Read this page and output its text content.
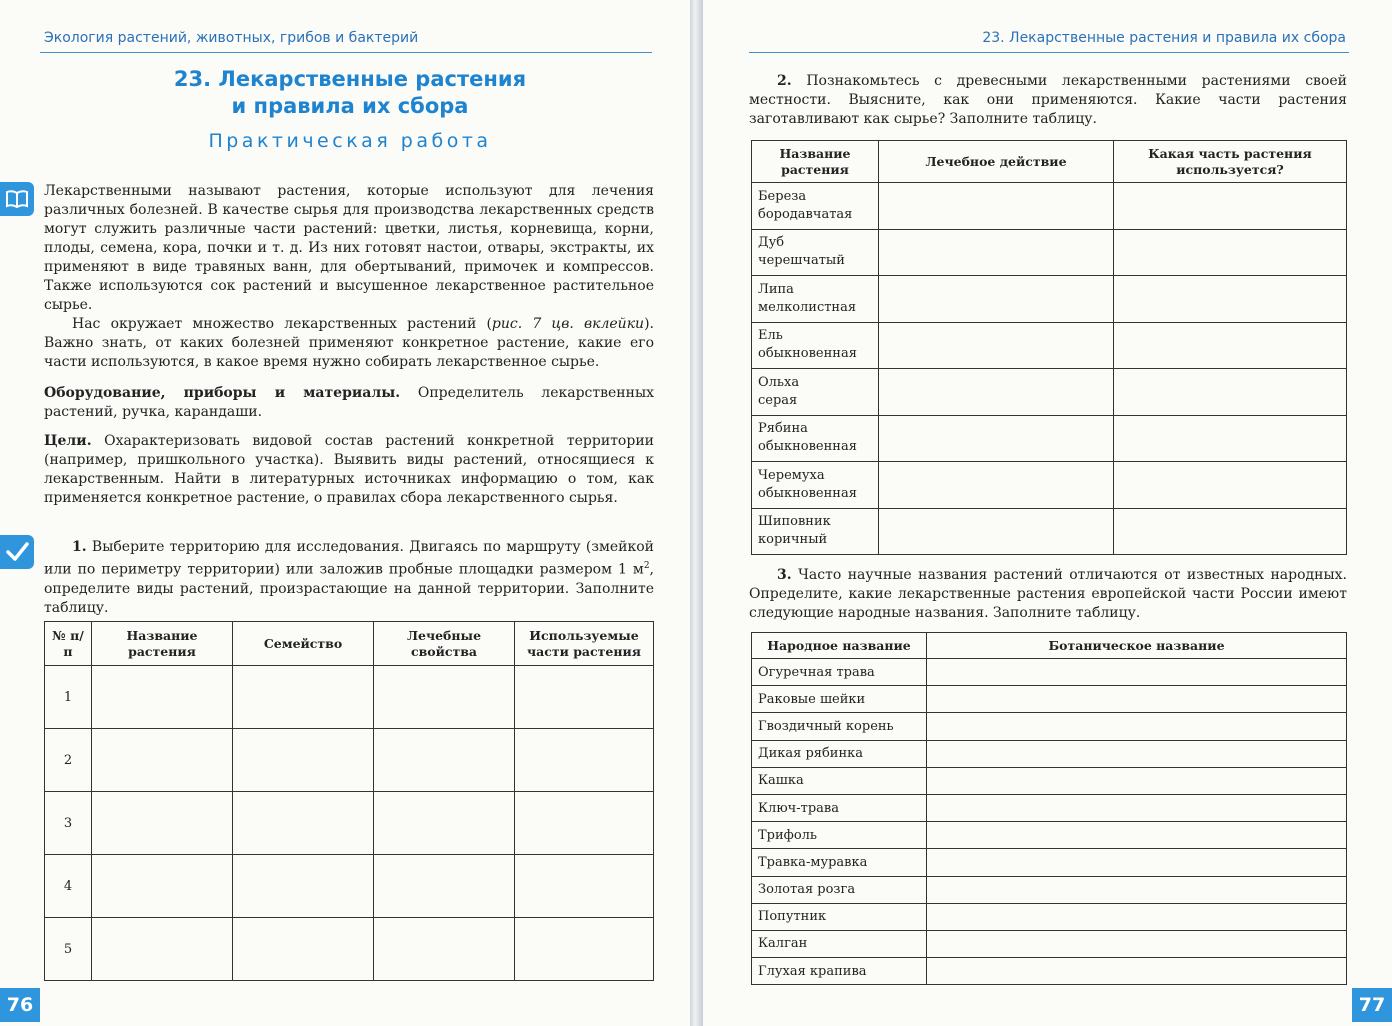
Экология растений, животных, грибов и бактерий
23. Лекарственные растения
и правила их сбора
Практическая работа

Лекарственными называют растения, которые используют для лечения различных болезней. В качестве сырья для производства лекарственных средств могут служить различные части растений: цветки, листья, корневища, корни, плоды, семена, кора, почки и т. д. Из них готовят настои, отвары, экстракты, их применяют в виде травяных ванн, для обертываний, примочек и компрессов. Также используются сок растений и высушенное лекарственное растительное сырье.

Нас окружает множество лекарственных растений (рис. 7 цв. вклейки). Важно знать, от каких болезней применяют конкретное растение, какие его части используются, в какое время нужно собирать лекарственное сырье.

Оборудование, приборы и материалы. Определитель лекарственных растений, ручка, карандаши.

Цели. Охарактеризовать видовой состав растений конкретной территории (например, пришкольного участка). Выявить виды растений, относящиеся к лекарственным. Найти в литературных источниках информацию о том, как применяется конкретное растение, о правилах сбора лекарственного сырья.

1. Выберите территорию для исследования. Двигаясь по маршруту (змейкой или по периметру территории) или заложив пробные площадки размером 1 $м^2$, определите виды растений, произрастающие на данной территории. Заполните таблицу.

№ п/п	Название растения	Семейство	Лечебные свойства	Используемые части растения
1				
2				
3				
4				
5				
76
23. Лекарственные растения и правила их сбора

2. Познакомьтесь с древесными лекарственными растениями своей местности. Выясните, как они применяются. Какие части растения заготавливают как сырье? Заполните таблицу.

Название растения	Лечебное действие	Какая часть растения используется?

Береза
бородавчатая		

Дуб
черешчатый		

Липа
мелколистная		

Ель
обыкновенная		

Ольха
серая		

Рябина
обыкновенная		

Черемуха
обыкновенная		

Шиповник
коричный		

3. Часто научные названия растений отличаются от известных народных. Определите, какие лекарственные растения европейской части России имеют следующие народные названия. Заполните таблицу.

Народное название	Ботаническое название
Огуречная трава	
Раковые шейки	
Гвоздичный корень	
Дикая рябинка	
Кашка	
Ключ-трава	
Трифоль	
Травка-муравка	
Золотая розга	
Попутник	
Калган	
Глухая крапива	
77
